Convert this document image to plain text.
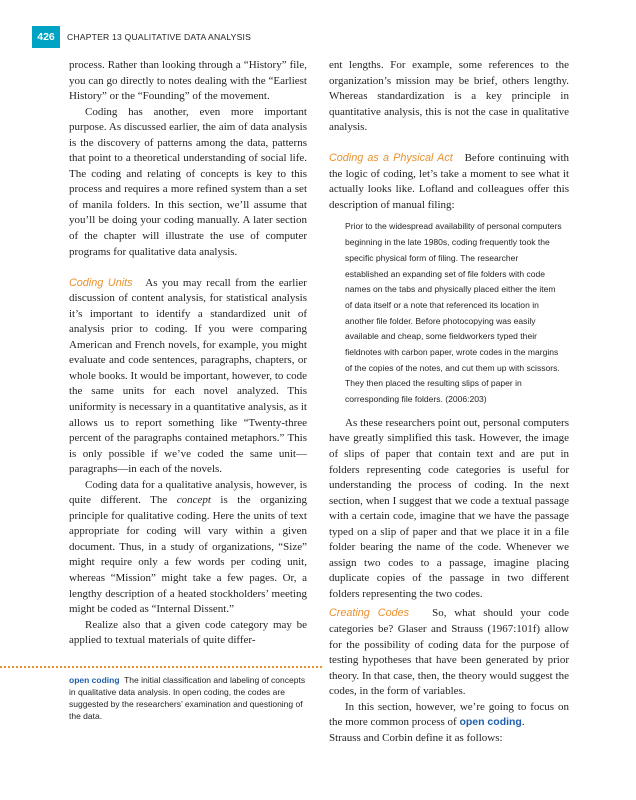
426	CHAPTER 13 QUALITATIVE DATA ANALYSIS

process. Rather than looking through a “History” file, you can go directly to notes dealing with the “Earliest History” or the “Founding” of the movement.

Coding has another, even more important purpose. As discussed earlier, the aim of data analysis is the discovery of patterns among the data, patterns that point to a theoretical understanding of social life. The coding and relating of concepts is key to this process and requires a more refined system than a set of manila folders. In this section, we’ll assume that you’ll be doing your coding manually. A later section of the chapter will illustrate the use of computer programs for qualitative data analysis.

Coding Units As you may recall from the earlier discussion of content analysis, for statistical analysis it’s important to identify a standardized unit of analysis prior to coding. If you were comparing American and French novels, for example, you might evaluate and code sentences, paragraphs, chapters, or whole books. It would be important, however, to code the same units for each novel analyzed. This uniformity is necessary in a quantitative analysis, as it allows us to report something like “Twenty-three percent of the paragraphs contained metaphors.” This is only possible if we’ve coded the same unit—paragraphs—in each of the novels.

Coding data for a qualitative analysis, however, is quite different. The concept is the organizing principle for qualitative coding. Here the units of text appropriate for coding will vary within a given document. Thus, in a study of organizations, “Size” might require only a few words per coding unit, whereas “Mission” might take a few pages. Or, a lengthy description of a heated stockholders’ meeting might be coded as “Internal Dissent.”

Realize also that a given code category may be applied to textual materials of quite differ-

ent lengths. For example, some references to the organization’s mission may be brief, others lengthy. Whereas standardization is a key principle in quantitative analysis, this is not the case in qualitative analysis.

Coding as a Physical Act Before continuing with the logic of coding, let’s take a moment to see what it actually looks like. Lofland and colleagues offer this description of manual filing:

Prior to the widespread availability of personal computers beginning in the late 1980s, coding frequently took the specific physical form of filing. The researcher established an expanding set of file folders with code names on the tabs and physically placed either the item of data itself or a note that referenced its location in another file folder. Before photocopying was easily available and cheap, some fieldworkers typed their fieldnotes with carbon paper, wrote codes in the margins of the copies of the notes, and cut them up with scissors. They then placed the resulting slips of paper in corresponding file folders. (2006:203)

As these researchers point out, personal computers have greatly simplified this task. However, the image of slips of paper that contain text and are put in folders representing code categories is useful for understanding the process of coding. In the next section, when I suggest that we code a textual passage with a certain code, imagine that we have the passage typed on a slip of paper and that we place it in a file folder bearing the name of the code. Whenever we assign two codes to a passage, imagine placing duplicate copies of the passage in two different folders representing the two codes.

Creating Codes So, what should your code categories be? Glaser and Strauss (1967:101f) allow for the possibility of coding data for the purpose of testing hypotheses that have been generated by prior theory. In that case, then, the theory would suggest the codes, in the form of variables.

In this section, however, we’re going to focus on the more common process of open coding.

Strauss and Corbin define it as follows:

open coding The initial classification and labeling of concepts in qualitative data analysis. In open coding, the codes are suggested by the researchers’ examination and questioning of the data.
